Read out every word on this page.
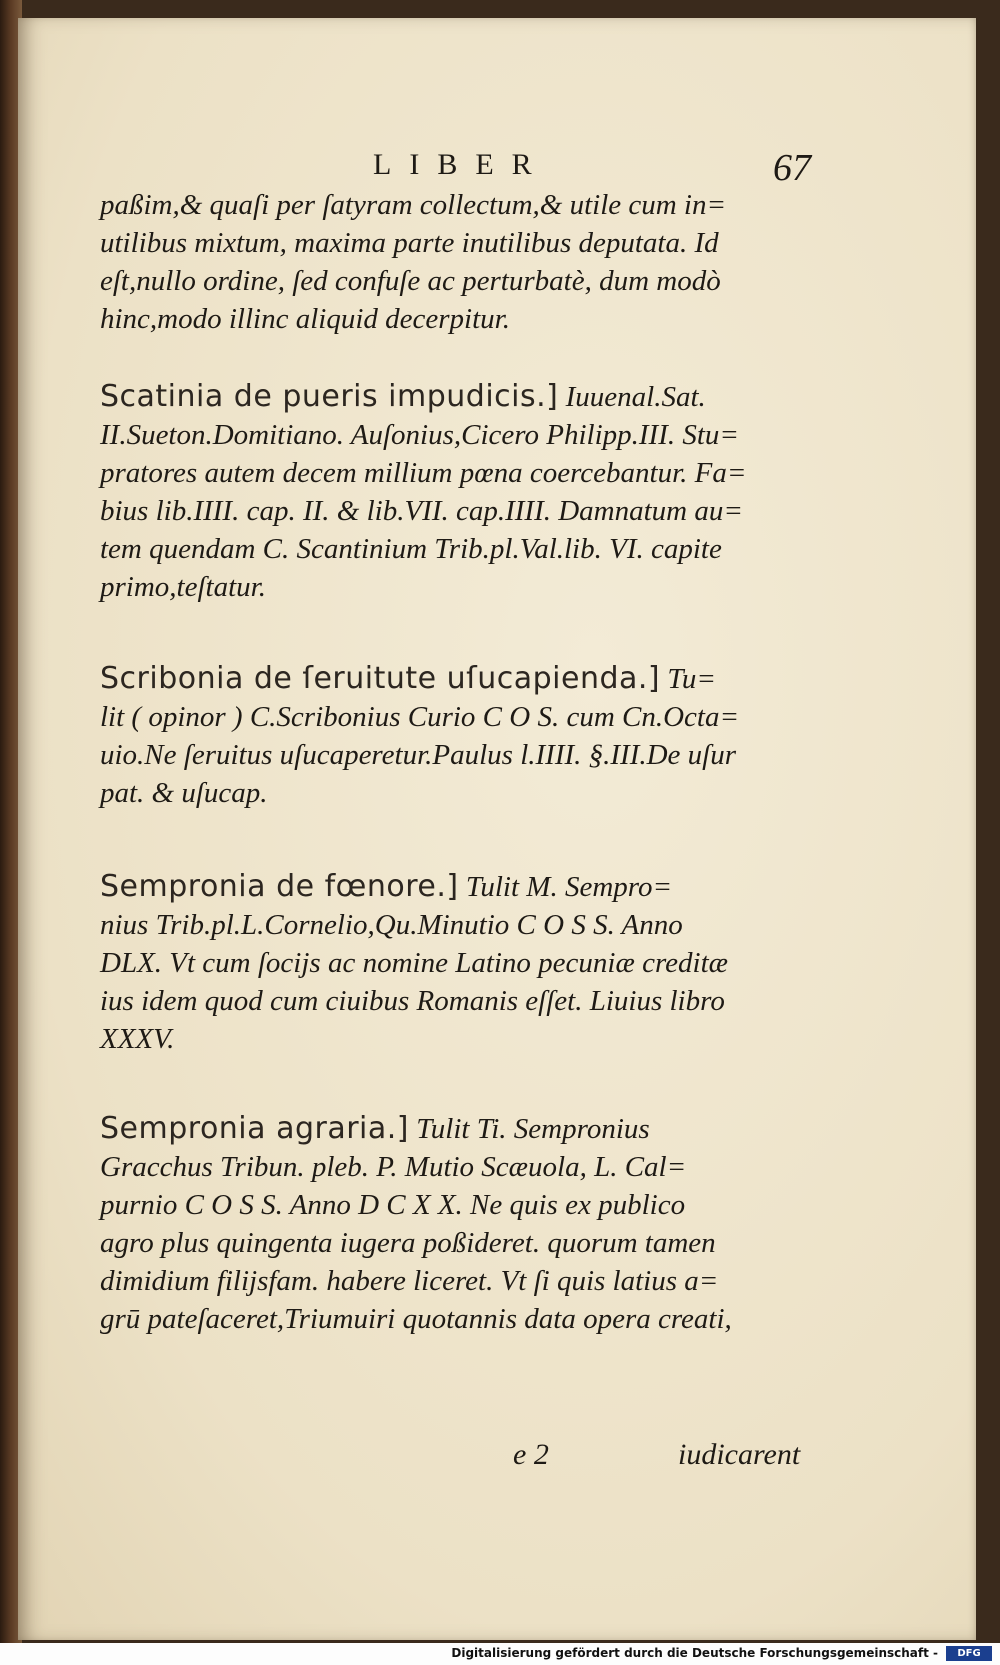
LIBER	67
paßim,& quaſi per ſatyram collectum,& utile cum in=
utilibus mixtum, maxima parte inutilibus deputata. Id
eſt,nullo ordine, ſed confuſe ac perturbatè, dum modò
hinc,modo illinc aliquid decerpitur.
Scatinia de pueris impudicis.] Iuuenal.Sat.
II.Sueton.Domitiano. Auſonius,Cicero Philipp.III. Stu=
pratores autem decem millium pœna coercebantur. Fa=
bius lib.IIII. cap. II. & lib.VII. cap.IIII. Damnatum au=
tem quendam C. Scantinium Trib.pl.Val.lib. VI. capite
primo,teſtatur.
Scribonia de ſeruitute uſucapienda.] Tu=
lit ( opinor ) C.Scribonius Curio C O S. cum Cn.Octa=
uio.Ne ſeruitus uſucaperetur.Paulus l.IIII. §.III.De uſur
pat. & uſucap.
Sempronia de fœnore.] Tulit M. Sempro=
nius Trib.pl.L.Cornelio,Qu.Minutio C O S S. Anno
DLX. Vt cum ſocijs ac nomine Latino pecuniæ creditæ
ius idem quod cum ciuibus Romanis eſſet. Liuius libro
XXXV.
Sempronia agraria.] Tulit Ti. Sempronius
Gracchus Tribun. pleb. P. Mutio Scæuola, L. Cal=
purnio C O S S. Anno D C X X. Ne quis ex publico
agro plus quingenta iugera poßideret. quorum tamen
dimidium filijsfam. habere liceret. Vt ſi quis latius a=
grū pateſaceret,Triumuiri quotannis data opera creati,
e 2	iudicarent
Digitalisierung gefördert durch die Deutsche Forschungsgemeinschaft -	DFG
